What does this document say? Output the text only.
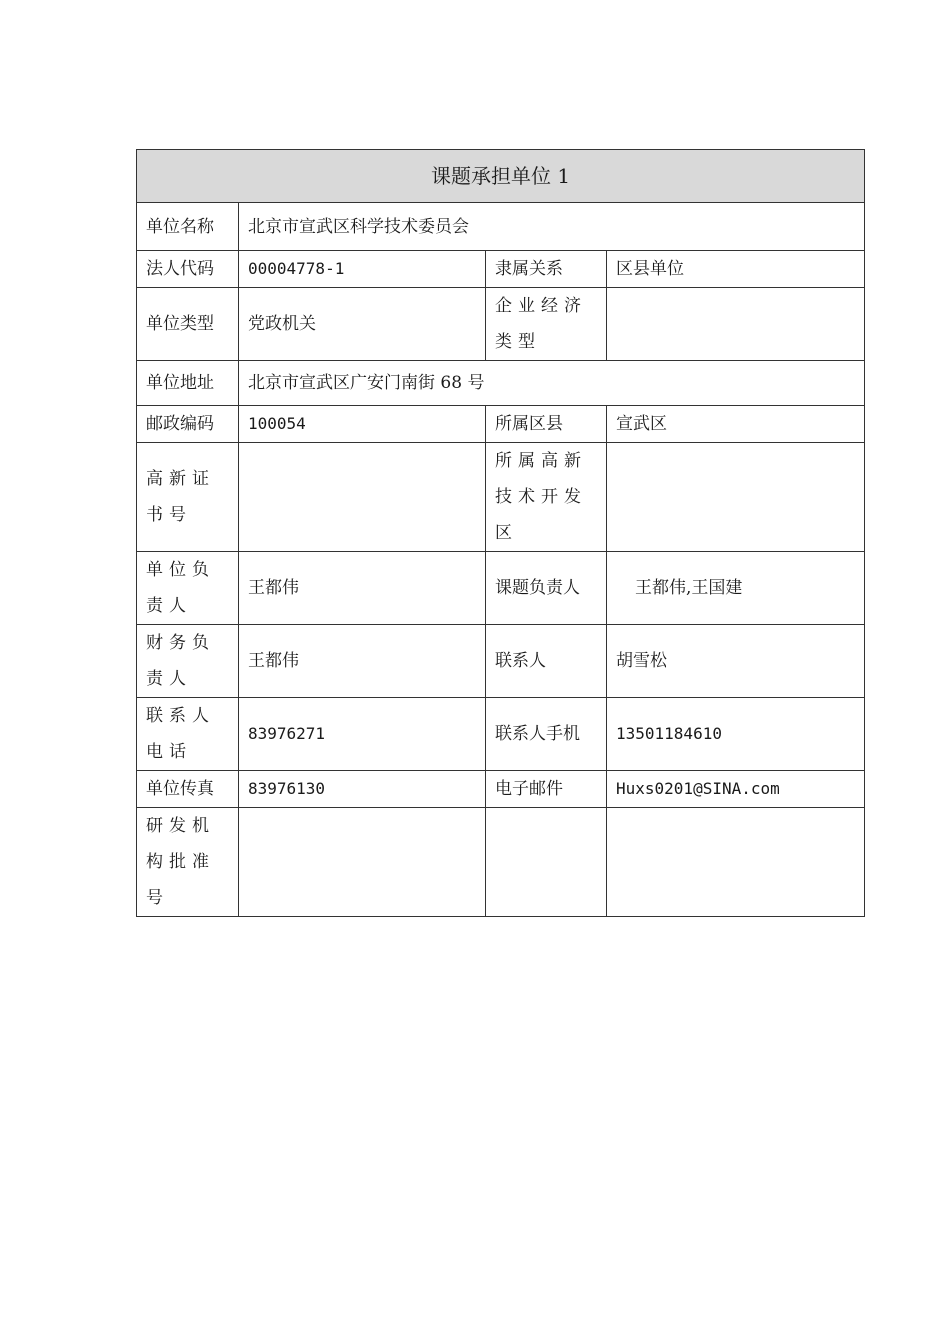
课题承担单位 1			
单位名称	北京市宣武区科学技术委员会		
法人代码	00004778-1	隶属关系	区县单位
单位类型	党政机关	企业经济类型	
单位地址	北京市宣武区广安门南街 68 号		
邮政编码	100054	所属区县	宣武区
高新证书号		所属高新技术开发区	
单位负责人	王都伟	课题负责人	王都伟,王国建
财务负责人	王都伟	联系人	胡雪松
联系人电话	83976271	联系人手机	13501184610
单位传真	83976130	电子邮件	Huxs0201@SINA.com
研发机构批准号			
